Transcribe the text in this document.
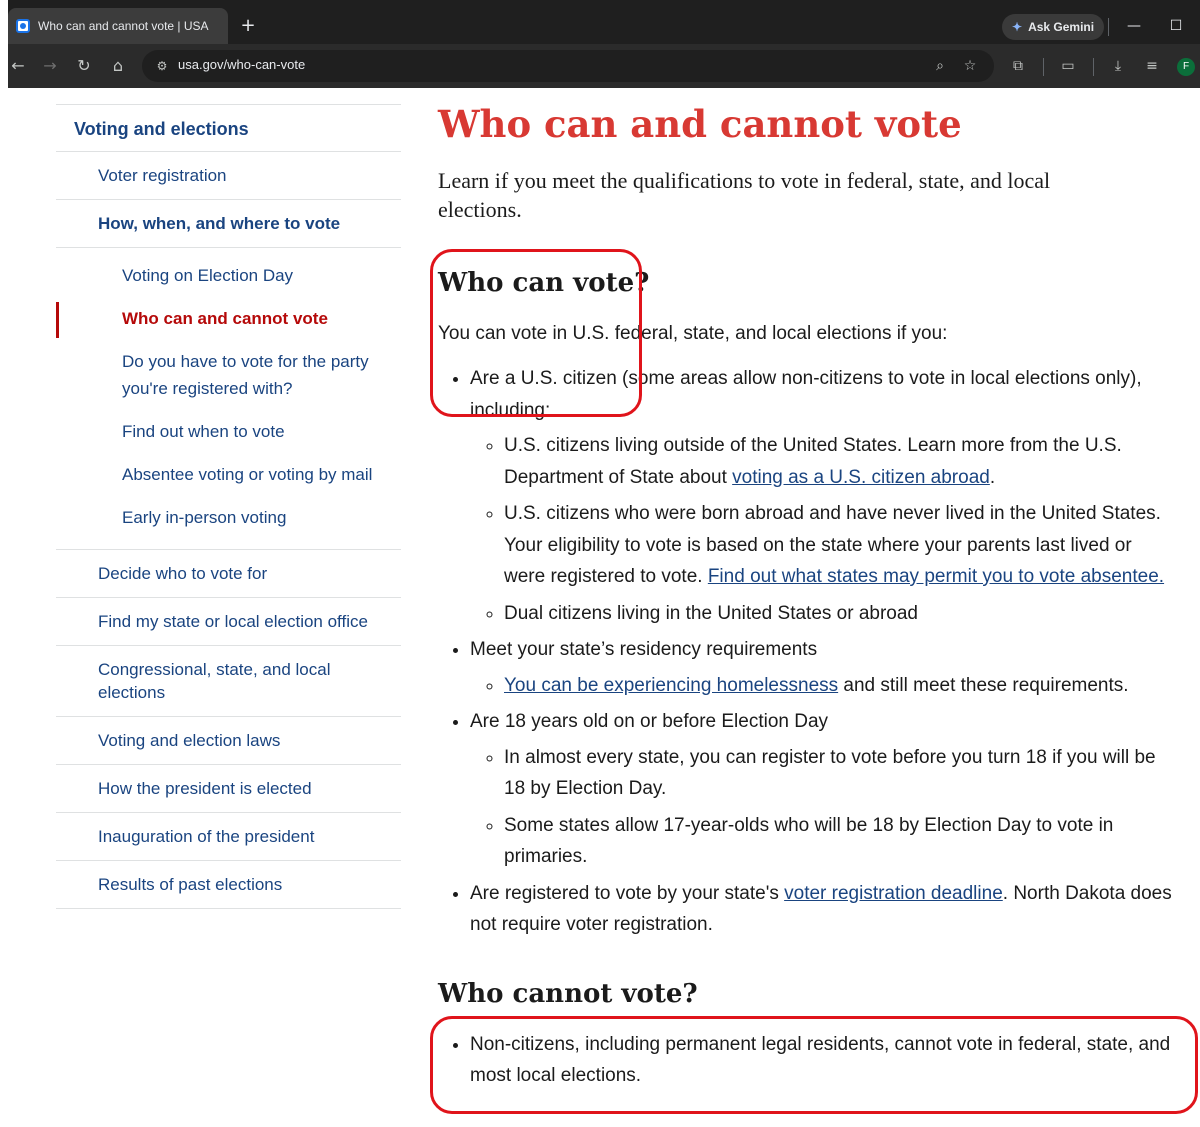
Who can and cannot vote | USA	+	✦ Ask Gemini	—	☐
←	→	↻	⌂	⚙ usa.gov/who-can-vote	⌕	☆	⧉	▭	⤓	≡	F
Voting and elections
Voter registration
How, when, and where to vote
Voting on Election Day
Who can and cannot vote
Do you have to vote for the party you're registered with?
Find out when to vote
Absentee voting or voting by mail
Early in-person voting
Decide who to vote for
Find my state or local election office
Congressional, state, and local elections
Voting and election laws
How the president is elected
Inauguration of the president
Results of past elections
Who can and cannot vote

Learn if you meet the qualifications to vote in federal, state, and local elections.

Who can vote?
You can vote in U.S. federal, state, and local elections if you:
• Are a U.S. citizen (some areas allow non-citizens to vote in local elections only), including:
◦ U.S. citizens living outside of the United States. Learn more from the U.S. Department of State about voting as a U.S. citizen abroad.
◦ U.S. citizens who were born abroad and have never lived in the United States. Your eligibility to vote is based on the state where your parents last lived or were registered to vote. Find out what states may permit you to vote absentee.
◦ Dual citizens living in the United States or abroad
• Meet your state’s residency requirements
◦ You can be experiencing homelessness and still meet these requirements.
• Are 18 years old on or before Election Day
◦ In almost every state, you can register to vote before you turn 18 if you will be 18 by Election Day.
◦ Some states allow 17-year-olds who will be 18 by Election Day to vote in primaries.
• Are registered to vote by your state's voter registration deadline. North Dakota does not require voter registration.
Who cannot vote?
• Non-citizens, including permanent legal residents, cannot vote in federal, state, and most local elections.
